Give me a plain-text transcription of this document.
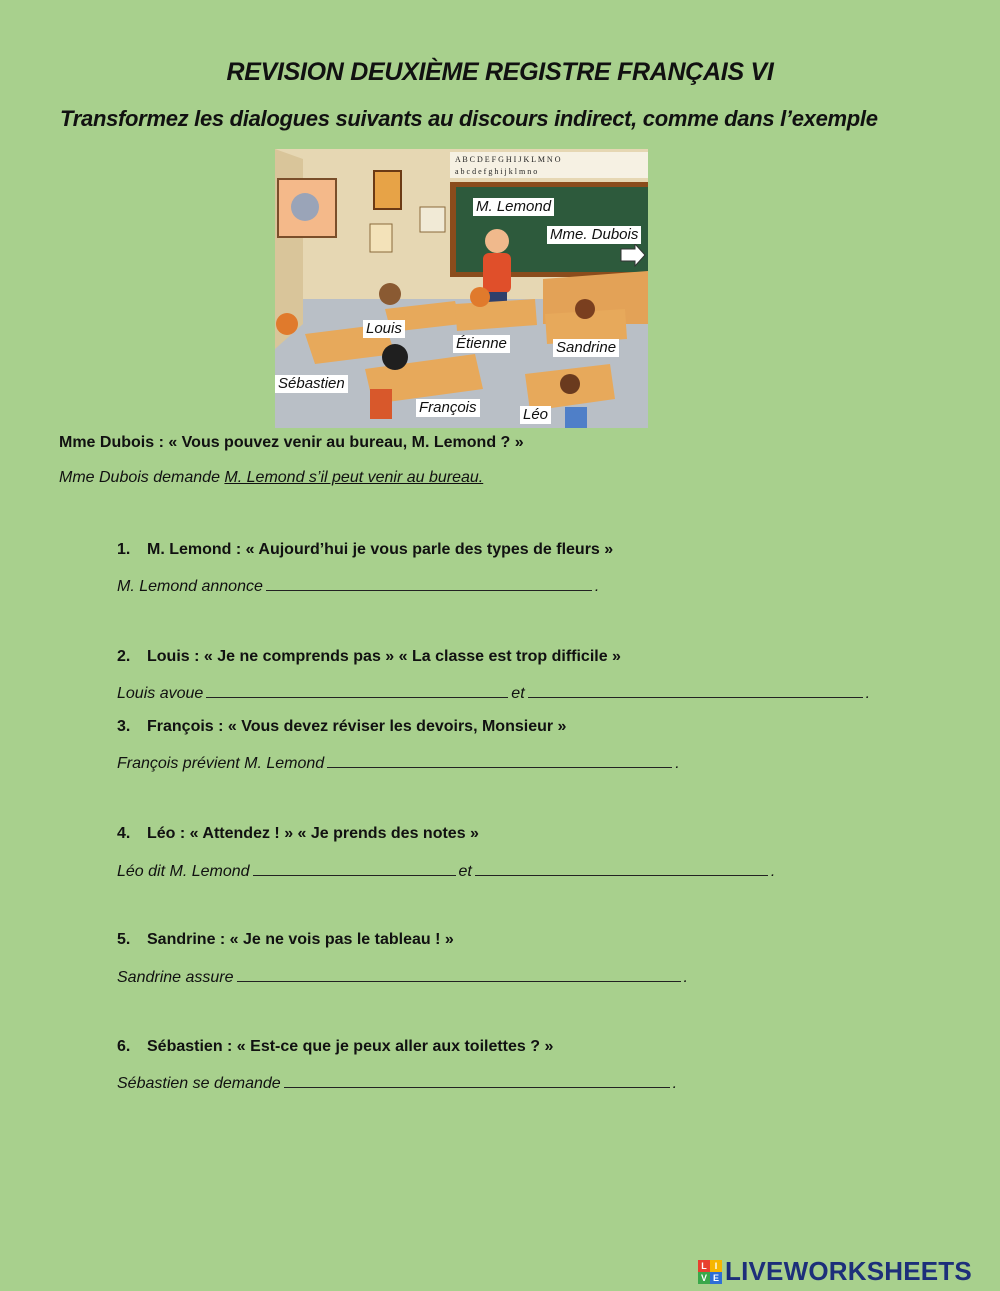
REVISION DEUXIÈME REGISTRE FRANÇAIS VI
Transformez les dialogues suivants au discours indirect, comme dans l’exemple
A B C D E F G H I J K L M N O
a b c d e f g h i j k l m n o
M. Lemond
Mme. Dubois
Louis
Étienne	Sandrine
Sébastien
François	Léo
Mme Dubois : « Vous pouvez venir au bureau, M. Lemond ? »
Mme Dubois demande M. Lemond s’il peut venir au bureau.
1. M. Lemond : « Aujourd’hui je vous parle des types de fleurs »
M. Lemond annonce	.
2. Louis : « Je ne comprends pas » « La classe est trop difficile »
Louis avoue	et	.
3. François : « Vous devez réviser les devoirs, Monsieur »
François prévient M. Lemond	.
4. Léo : « Attendez ! » « Je prends des notes »
Léo dit M. Lemond	et	.
5. Sandrine : « Je ne vois pas le tableau ! »
Sandrine assure	.
6. Sébastien : « Est-ce que je peux aller aux toilettes ? »
Sébastien se demande	.
L I
V E LIVEWORKSHEETS
